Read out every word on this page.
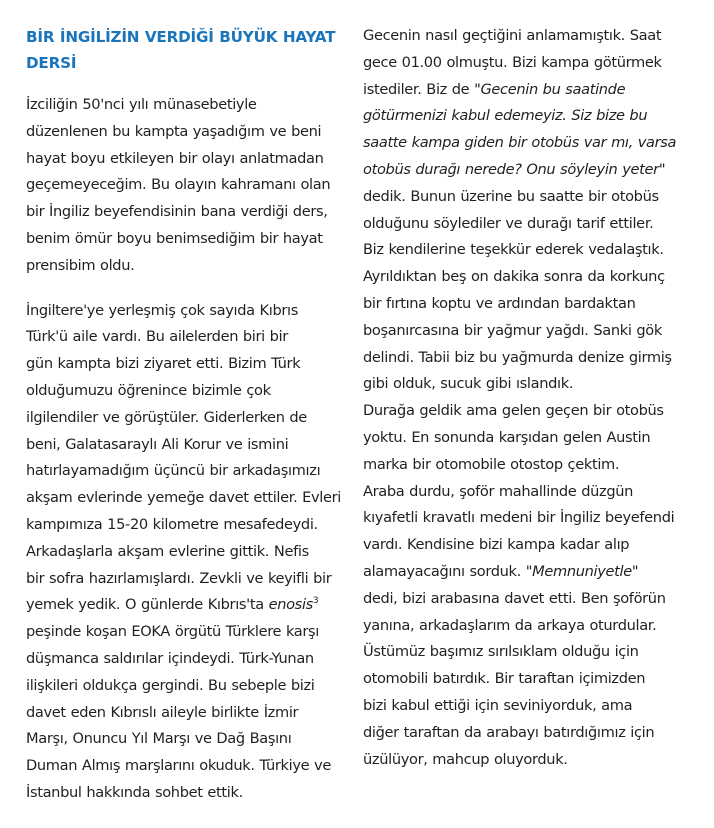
BİR İNGİLİZİN VERDİĞİ BÜYÜK HAYAT
DERSİ

İzciliğin 50'nci yılı münasebetiyle
düzenlenen bu kampta yaşadığım ve beni
hayat boyu etkileyen bir olayı anlatmadan
geçemeyeceğim. Bu olayın kahramanı olan
bir İngiliz beyefendisinin bana verdiği ders,
benim ömür boyu benimsediğim bir hayat
prensibim oldu.

İngiltere'ye yerleşmiş çok sayıda Kıbrıs
Türk'ü aile vardı. Bu ailelerden biri bir
gün kampta bizi ziyaret etti. Bizim Türk
olduğumuzu öğrenince bizimle çok
ilgilendiler ve görüştüler. Giderlerken de
beni, Galatasaraylı Ali Korur ve ismini
hatırlayamadığım üçüncü bir arkadaşımızı
akşam evlerinde yemeğe davet ettiler. Evleri
kampımıza 15-20 kilometre mesafedeydi.
Arkadaşlarla akşam evlerine gittik. Nefis
bir sofra hazırlamışlardı. Zevkli ve keyifli bir
yemek yedik. O günlerde Kıbrıs'ta enosis$^3$
peşinde koşan EOKA örgütü Türklere karşı
düşmanca saldırılar içindeydi. Türk-Yunan
ilişkileri oldukça gergindi. Bu sebeple bizi
davet eden Kıbrıslı aileyle birlikte İzmir
Marşı, Onuncu Yıl Marşı ve Dağ Başını
Duman Almış marşlarını okuduk. Türkiye ve
İstanbul hakkında sohbet ettik.

Gecenin nasıl geçtiğini anlamamıştık. Saat
gece 01.00 olmuştu. Bizi kampa götürmek
istediler. Biz de "Gecenin bu saatinde
götürmenizi kabul edemeyiz. Siz bize bu
saatte kampa giden bir otobüs var mı, varsa
otobüs durağı nerede? Onu söyleyin yeter"
dedik. Bunun üzerine bu saatte bir otobüs
olduğunu söylediler ve durağı tarif ettiler.
Biz kendilerine teşekkür ederek vedalaştık.
Ayrıldıktan beş on dakika sonra da korkunç
bir fırtına koptu ve ardından bardaktan
boşanırcasına bir yağmur yağdı. Sanki gök
delindi. Tabii biz bu yağmurda denize girmiş
gibi olduk, sucuk gibi ıslandık.

Durağa geldik ama gelen geçen bir otobüs
yoktu. En sonunda karşıdan gelen Austin
marka bir otomobile otostop çektim.
Araba durdu, şoför mahallinde düzgün
kıyafetli kravatlı medeni bir İngiliz beyefendi
vardı. Kendisine bizi kampa kadar alıp
alamayacağını sorduk. "Memnuniyetle"
dedi, bizi arabasına davet etti. Ben şoförün
yanına, arkadaşlarım da arkaya oturdular.
Üstümüz başımız sırılsıklam olduğu için
otomobili batırdık. Bir taraftan içimizden
bizi kabul ettiği için seviniyorduk, ama
diğer taraftan da arabayı batırdığımız için
üzülüyor, mahcup oluyorduk.
